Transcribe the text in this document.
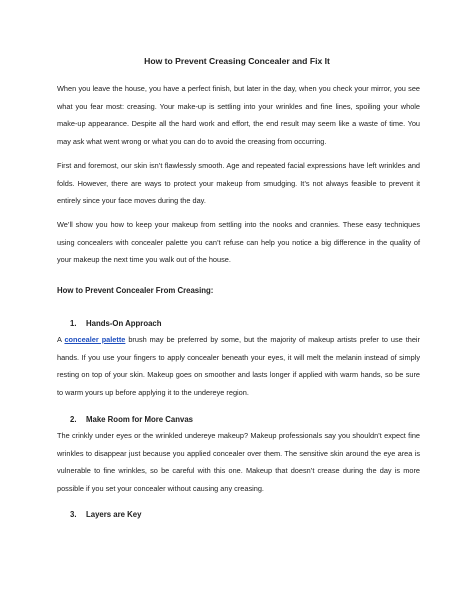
How to Prevent Creasing Concealer and Fix It
When you leave the house, you have a perfect finish, but later in the day, when you check your mirror, you see what you fear most: creasing. Your make-up is settling into your wrinkles and fine lines, spoiling your whole make-up appearance. Despite all the hard work and effort, the end result may seem like a waste of time. You may ask what went wrong or what you can do to avoid the creasing from occurring.
First and foremost, our skin isn’t flawlessly smooth. Age and repeated facial expressions have left wrinkles and folds. However, there are ways to protect your makeup from smudging. It’s not always feasible to prevent it entirely since your face moves during the day.
We’ll show you how to keep your makeup from settling into the nooks and crannies. These easy techniques using concealers with concealer palette you can’t refuse can help you notice a big difference in the quality of your makeup the next time you walk out of the house.
How to Prevent Concealer From Creasing:
1. Hands-On Approach
A concealer palette brush may be preferred by some, but the majority of makeup artists prefer to use their hands. If you use your fingers to apply concealer beneath your eyes, it will melt the melanin instead of simply resting on top of your skin. Makeup goes on smoother and lasts longer if applied with warm hands, so be sure to warm yours up before applying it to the undereye region.
2. Make Room for More Canvas
The crinkly under eyes or the wrinkled undereye makeup? Makeup professionals say you shouldn’t expect fine wrinkles to disappear just because you applied concealer over them. The sensitive skin around the eye area is vulnerable to fine wrinkles, so be careful with this one. Makeup that doesn’t crease during the day is more possible if you set your concealer without causing any creasing.
3. Layers are Key
